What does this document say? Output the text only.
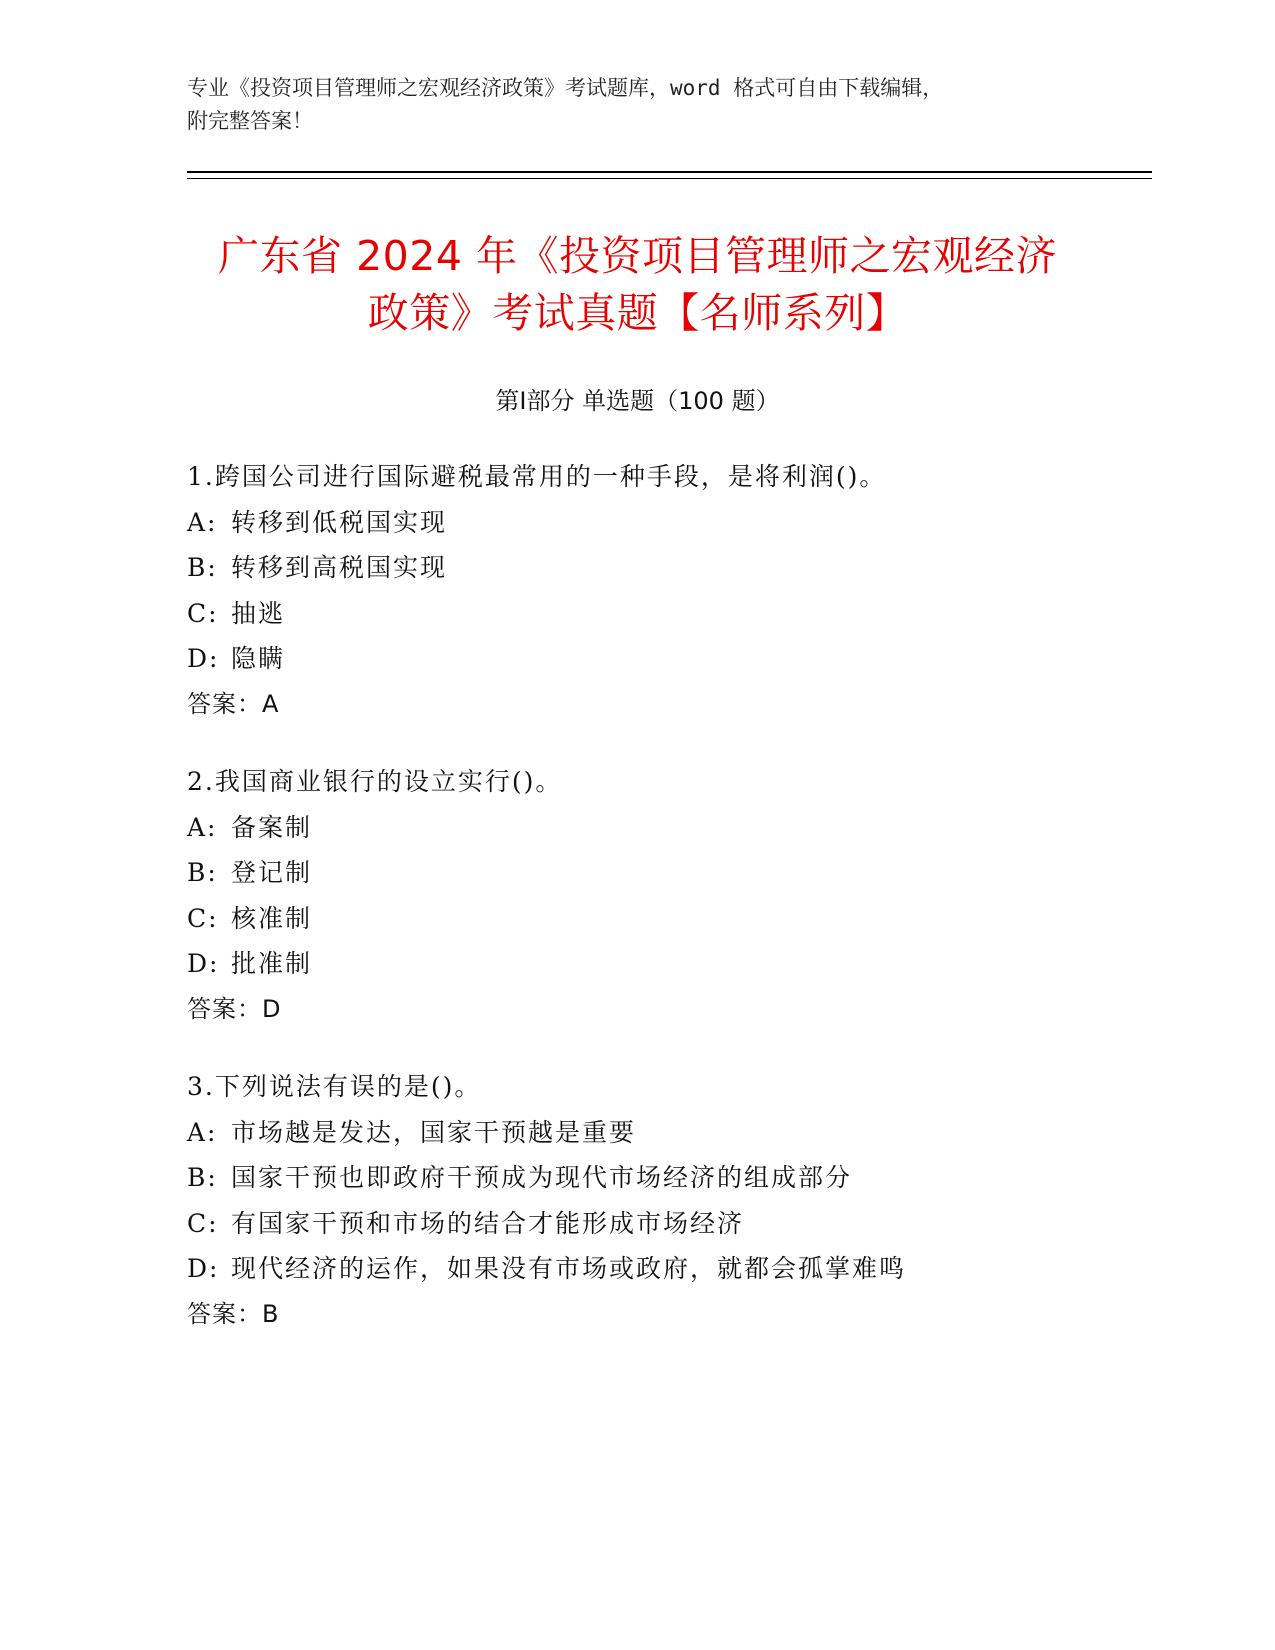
专业《投资项目管理师之宏观经济政策》考试题库，word 格式可自由下载编辑，
附完整答案！
广东省 2024 年《投资项目管理师之宏观经济
政策》考试真题【名师系列】
第Ⅰ部分 单选题（100 题）
1.跨国公司进行国际避税最常用的一种手段，是将利润()。
A: 转移到低税国实现
B: 转移到高税国实现
C: 抽逃
D: 隐瞒
答案：A
2.我国商业银行的设立实行()。
A: 备案制
B: 登记制
C: 核准制
D: 批准制
答案：D
3.下列说法有误的是()。
A: 市场越是发达，国家干预越是重要
B: 国家干预也即政府干预成为现代市场经济的组成部分
C: 有国家干预和市场的结合才能形成市场经济
D: 现代经济的运作，如果没有市场或政府，就都会孤掌难鸣
答案：B
